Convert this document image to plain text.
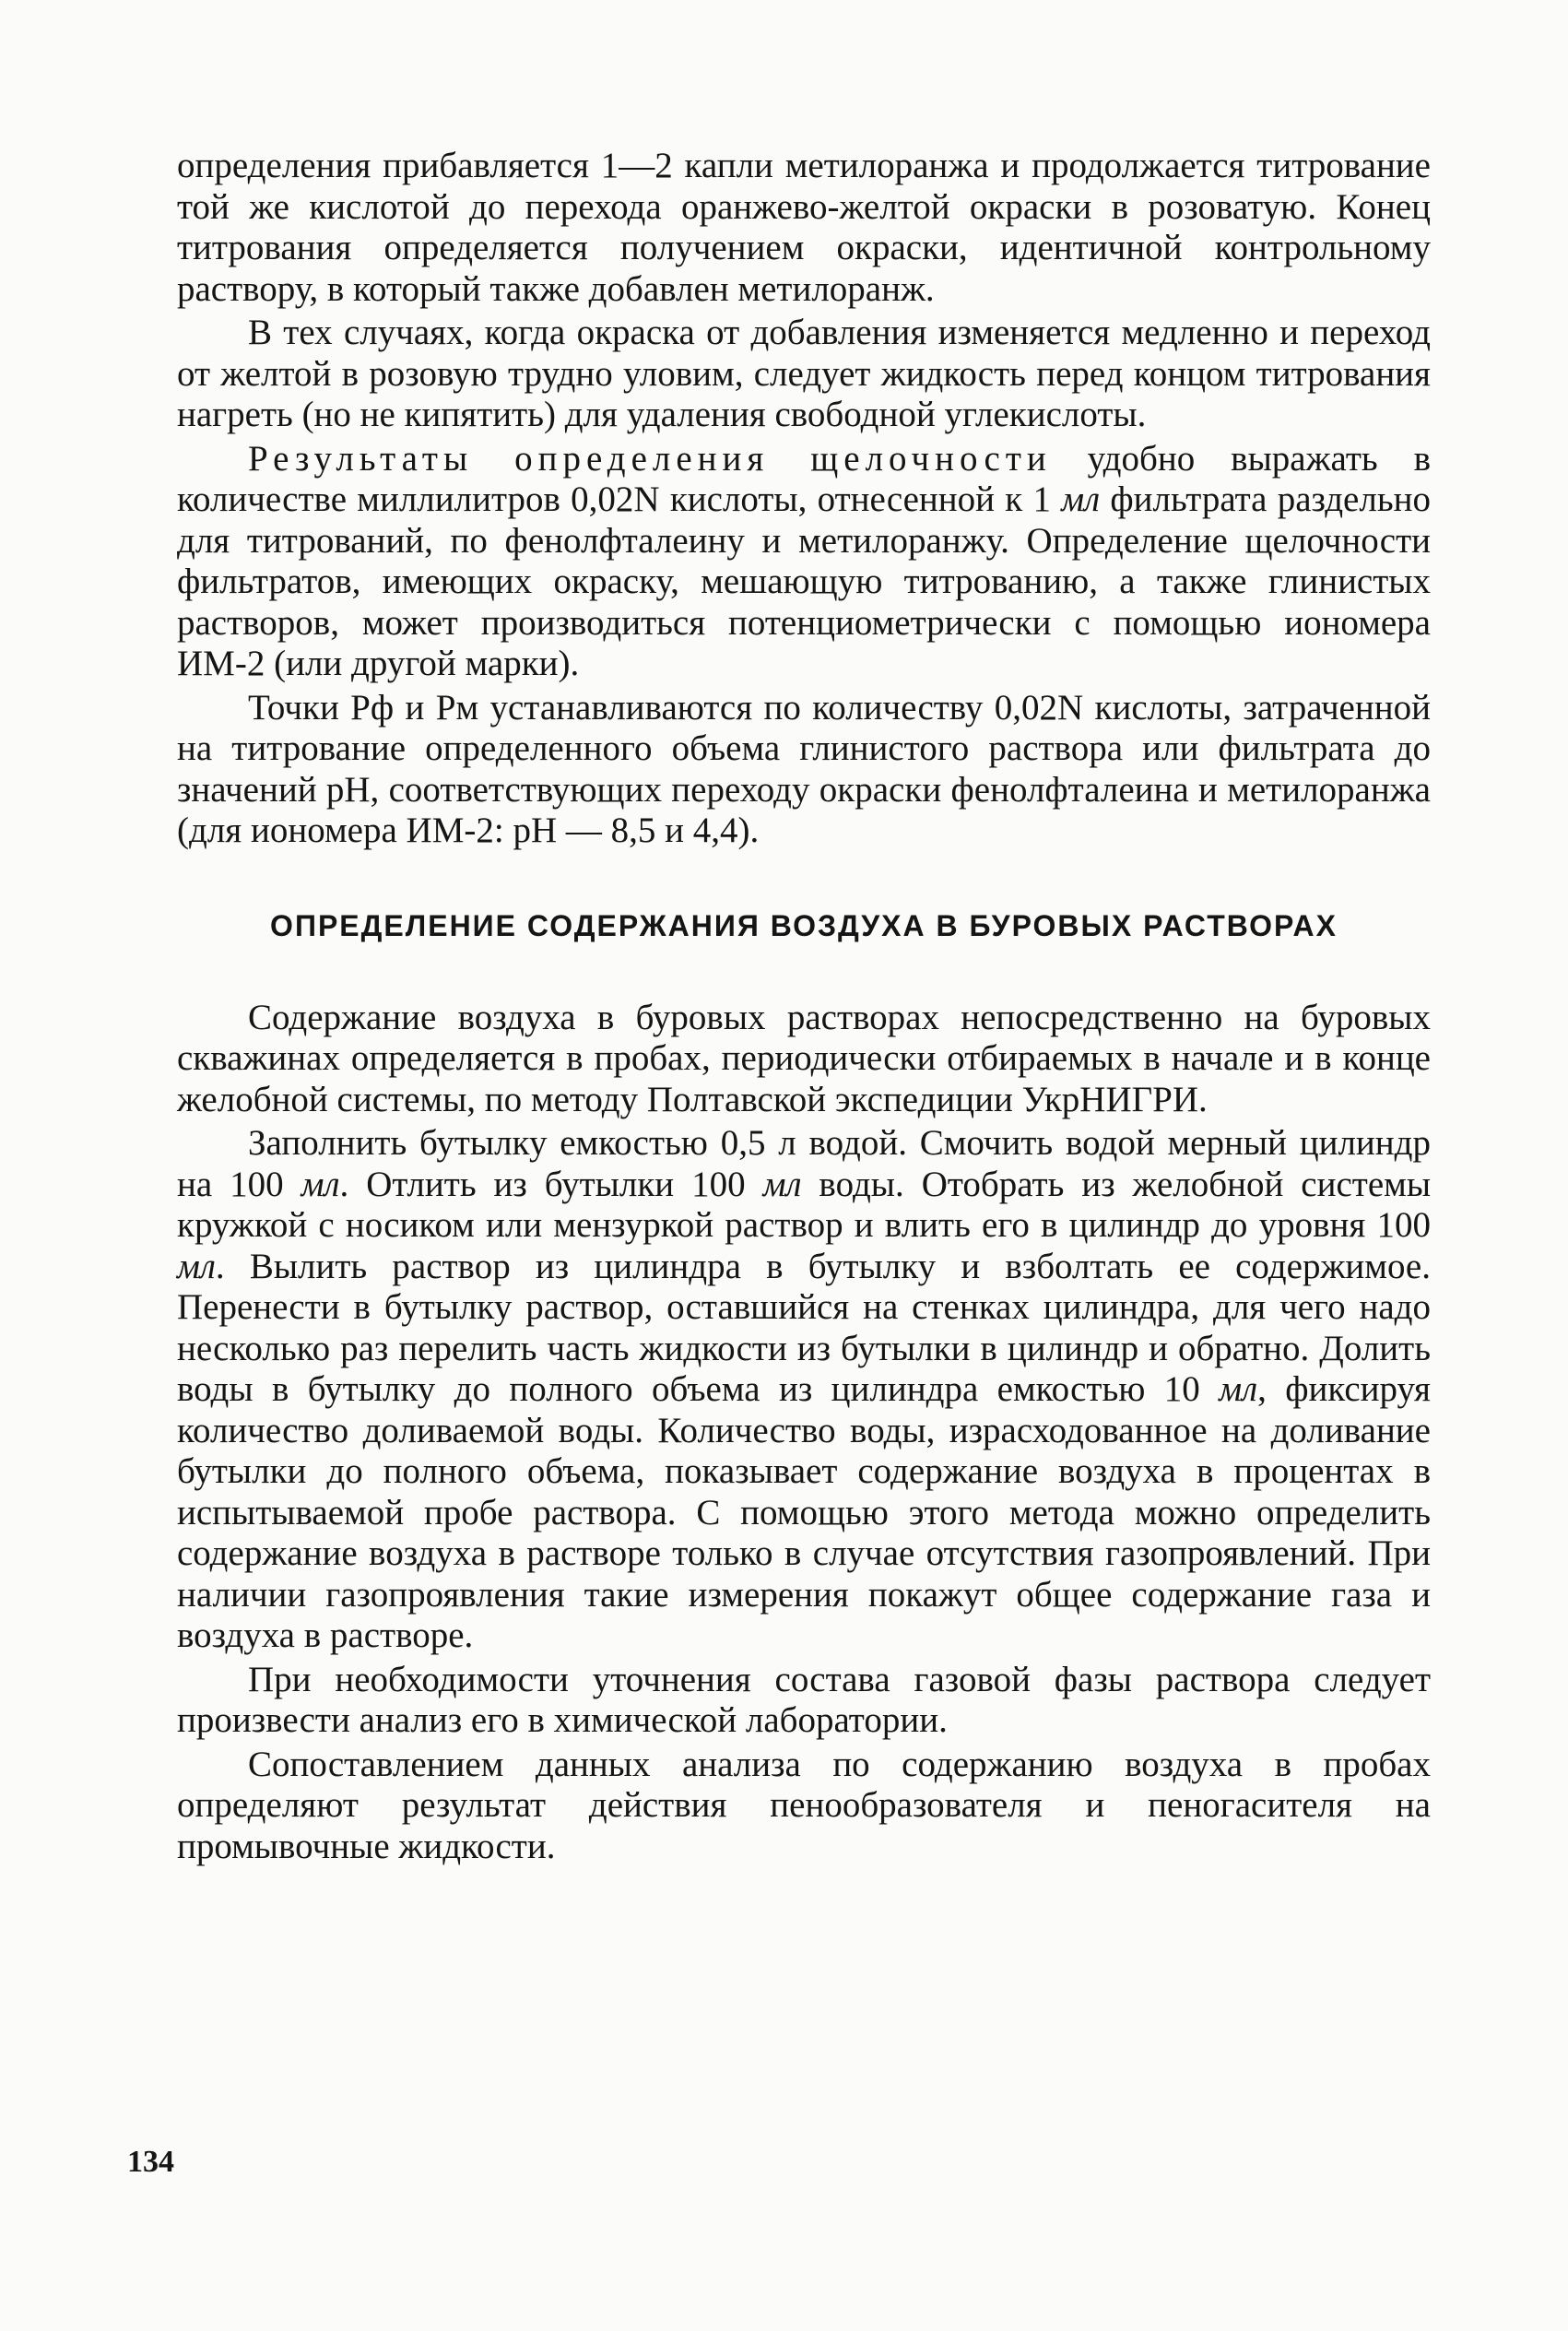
определения прибавляется 1—2 капли метилоранжа и продолжается титрование той же кислотой до перехода оранжево-желтой окраски в розоватую. Конец титрования определяется получением окраски, идентичной контрольному раствору, в который также добавлен метилоранж.

В тех случаях, когда окраска от добавления изменяется медленно и переход от желтой в розовую трудно уловим, следует жидкость перед концом титрования нагреть (но не кипятить) для удаления свободной углекислоты.

Результаты определения щелочности удобно выражать в количестве миллилитров 0,02N кислоты, отнесенной к 1 мл фильтрата раздельно для титрований, по фенолфталеину и метилоранжу. Определение щелочности фильтратов, имеющих окраску, мешающую титрованию, а также глинистых растворов, может производиться потенциометрически с помощью иономера ИМ-2 (или другой марки).

Точки Рф и Рм устанавливаются по количеству 0,02N кислоты, затраченной на титрование определенного объема глинистого раствора или фильтрата до значений pH, соответствующих переходу окраски фенолфталеина и метилоранжа (для иономера ИМ-2: pH — 8,5 и 4,4).

ОПРЕДЕЛЕНИЕ СОДЕРЖАНИЯ ВОЗДУХА В БУРОВЫХ РАСТВОРАХ

Содержание воздуха в буровых растворах непосредственно на буровых скважинах определяется в пробах, периодически отбираемых в начале и в конце желобной системы, по методу Полтавской экспедиции УкрНИГРИ.

Заполнить бутылку емкостью 0,5 л водой. Смочить водой мерный цилиндр на 100 мл. Отлить из бутылки 100 мл воды. Отобрать из желобной системы кружкой с носиком или мензуркой раствор и влить его в цилиндр до уровня 100 мл. Вылить раствор из цилиндра в бутылку и взболтать ее содержимое. Перенести в бутылку раствор, оставшийся на стенках цилиндра, для чего надо несколько раз перелить часть жидкости из бутылки в цилиндр и обратно. Долить воды в бутылку до полного объема из цилиндра емкостью 10 мл, фиксируя количество доливаемой воды. Количество воды, израсходованное на доливание бутылки до полного объема, показывает содержание воздуха в процентах в испытываемой пробе раствора. С помощью этого метода можно определить содержание воздуха в растворе только в случае отсутствия газопроявлений. При наличии газопроявления такие измерения покажут общее содержание газа и воздуха в растворе.

При необходимости уточнения состава газовой фазы раствора следует произвести анализ его в химической лаборатории.

Сопоставлением данных анализа по содержанию воздуха в пробах определяют результат действия пенообразователя и пеногасителя на промывочные жидкости.

134
